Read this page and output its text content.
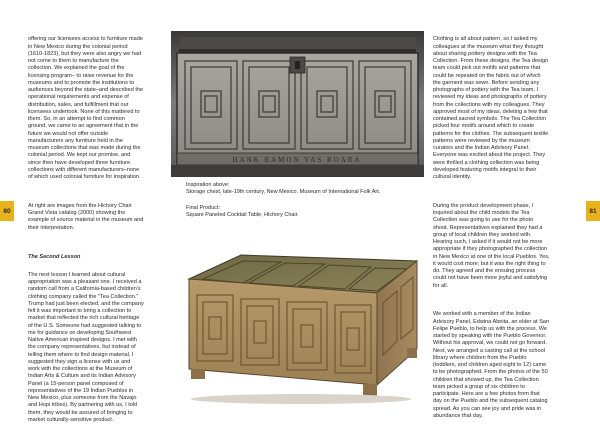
80	81

offering our licensees access to furniture made
in New Mexico during the colonial period
(1610-1823), but they were also angry we had
not come to them to manufacture the
collection. We explained the goal of the
licensing program– to raise revenue for the
museums and to promote the institutions to
audiences beyond the state–and described the
operational requirements and expense of
distribution, sales, and fulfillment that our
licensees undertook. None of this mattered to
them. So, in an attempt to find common
ground, we came to an agreement that in the
future we would not offer outside
manufacturers any furniture held in the
museum collections that was made during the
colonial period. We kept our promise, and
since then have developed three furniture
collections with different manufacturers–none
of which used colonial furniture for inspiration.

At right are images from the Hichory Chair
Grand Vista catalog (2000) showing the
example of source material in the museum and
their interpretation.

The Second Lesson

The next lesson I learned about cultural
appropriation was a pleasant one. I received a
random call from a California-based children's
clothing company called the "Tea Collection."
Trump had just been elected, and the company
felt it was important to bring a collection to
market that reflected the rich cultural heritage
of the U.S. Someone had suggested talking to
me for guidance on developing Southwest
Native American inspired designs. I met with
the company representatives, but instead of
telling them where to find design material, I
suggested they sign a license with us and
work with the collections at the Museum of
Indian Arts & Culture and its Indian Advisory
Panel (a 15-person panel composed of
representatives of the 19 Indian Pueblos in
New Mexico, plus someone from the Navajo
and Hopi tribes). By partnering with us, I told
them, they would be assured of bringing to
market culturally-sensitive product.

HANK RAMON VAS ROARA
Inspiration above:
Storage chest, late-19th century, New Mexico. Museum of International Folk Art.
Final Product:
Square Paneled Cocktail Table, Hichory Chair.

Clothing is all about pattern, so I asked my
colleagues at the museum what they thought
about sharing pottery designs with the Tea
Collection. From these designs, the Tea design
team could pick out motifs and patterns that
could be repeated on the fabric out of which
the garment was sewn. Before sending any
photographs of pottery with the Tea team, I
reviewed my ideas and photographs of pottery
from the collections with my colleagues. They
approved most of my ideas, deleting a few that
contained sacred symbols. The Tea Collection
picked four motifs around which to create
patterns for the clothes. The subsequent textile
patterns were reviewed by the museum
curators and the Indian Advisory Panel.
Everyone was excited about the project. They
were thrilled a clothing collection was being
developed featuring motifs integral to their
cultural identity.

During the product development phase, I
inquired about the child models the Tea
Collection was going to use for the photo
shoot. Representatives explained they had a
group of local children they worked with.
Hearing such, I asked if it would not be more
appropriate if they photographed the collection
in New Mexico at one of the local Pueblos. Yes,
it would cost more; but it was the right thing to
do. They agreed and the ensuing process
could not have been more joyful and satisfying
for all.

We worked with a member of the Indian
Advisory Panel, Edwina Abeita, an elder at San
Felipe Pueblo, to help us with the process. We
started by speaking with the Pueblo Governor.
Without his approval, we could not go forward.
Next, we arranged a casting call at the school
library where children from the Pueblo
(toddlers, and children aged eight to 12) came
to be photographed. From the photos of the 50
children that showed up, the Tea Collection
team picked a group of six children to
participate. Here are a few photos from that
day on the Pueblo and the subsequent catalog
spread. As you can see joy and pride was in
abundance that day.
